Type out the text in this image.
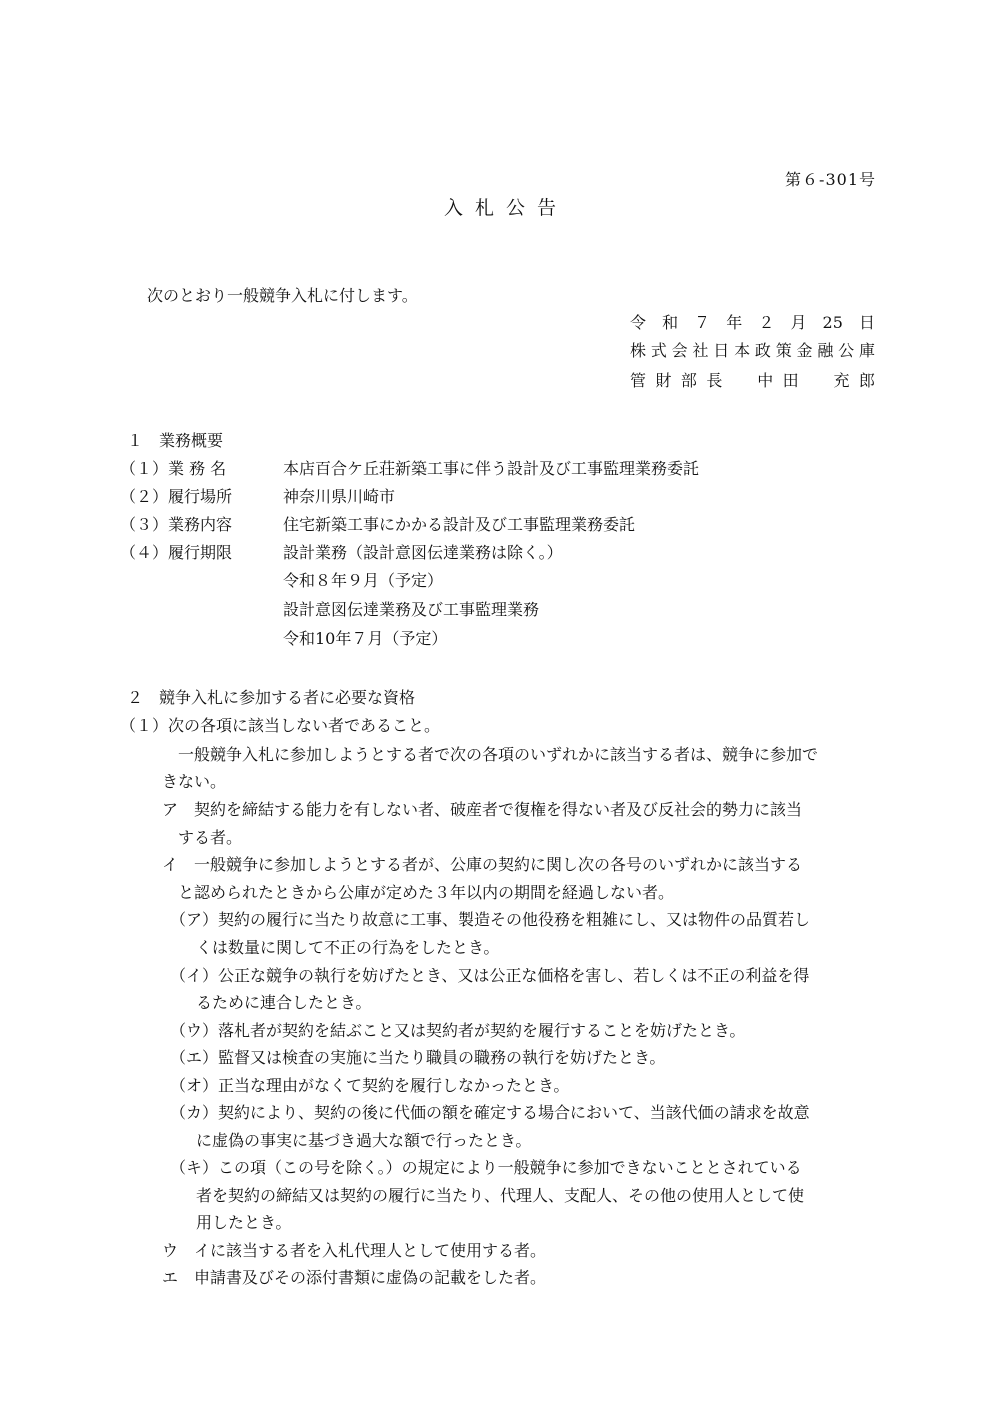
第６-301号
入札公告
次のとおり一般競争入札に付します。
令和７年２月25日
株式会社日本政策金融公庫
管財部長　中田　充郎
１　業務概要
（１）業 務 名	本店百合ケ丘荘新築工事に伴う設計及び工事監理業務委託
（２）履行場所	神奈川県川崎市
（３）業務内容	住宅新築工事にかかる設計及び工事監理業務委託
（４）履行期限	設計業務（設計意図伝達業務は除く。）
令和８年９月（予定）
設計意図伝達業務及び工事監理業務
令和10年７月（予定）
２　競争入札に参加する者に必要な資格
（１）次の各項に該当しない者であること。
一般競争入札に参加しようとする者で次の各項のいずれかに該当する者は、競争に参加で
きない。
ア　契約を締結する能力を有しない者、破産者で復権を得ない者及び反社会的勢力に該当
する者。
イ　一般競争に参加しようとする者が、公庫の契約に関し次の各号のいずれかに該当する
と認められたときから公庫が定めた３年以内の期間を経過しない者。
（ア）契約の履行に当たり故意に工事、製造その他役務を粗雑にし、又は物件の品質若し
くは数量に関して不正の行為をしたとき。
（イ）公正な競争の執行を妨げたとき、又は公正な価格を害し、若しくは不正の利益を得
るために連合したとき。
（ウ）落札者が契約を結ぶこと又は契約者が契約を履行することを妨げたとき。
（エ）監督又は検査の実施に当たり職員の職務の執行を妨げたとき。
（オ）正当な理由がなくて契約を履行しなかったとき。
（カ）契約により、契約の後に代価の額を確定する場合において、当該代価の請求を故意
に虚偽の事実に基づき過大な額で行ったとき。
（キ）この項（この号を除く。）の規定により一般競争に参加できないこととされている
者を契約の締結又は契約の履行に当たり、代理人、支配人、その他の使用人として使
用したとき。
ウ　イに該当する者を入札代理人として使用する者。
エ　申請書及びその添付書類に虚偽の記載をした者。
